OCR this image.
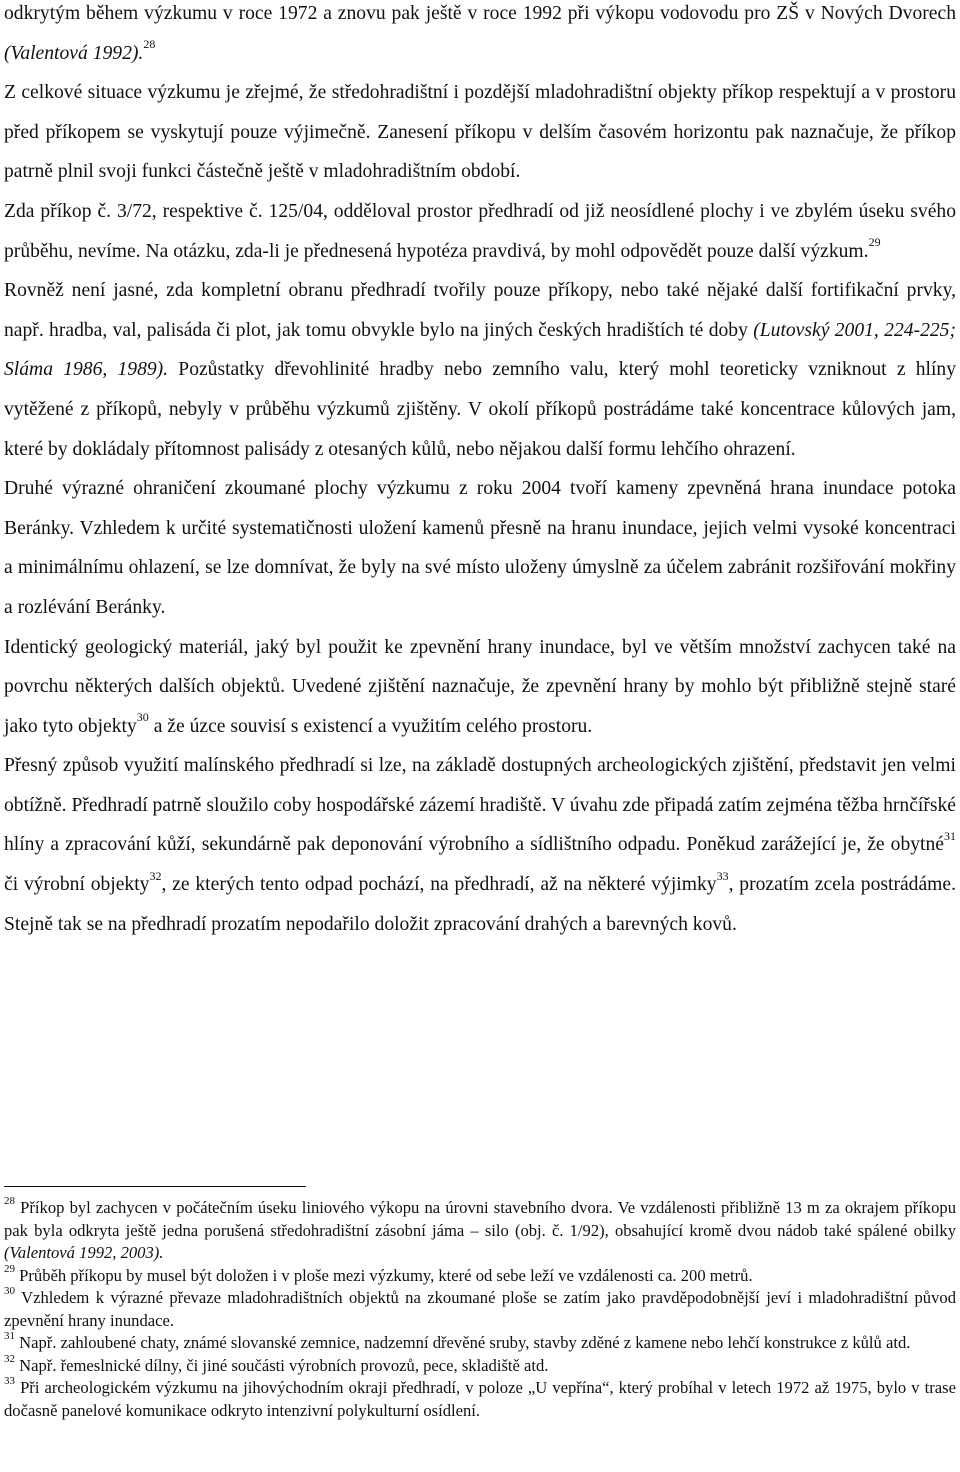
odkrytým během výzkumu v roce 1972 a znovu pak ještě v roce 1992 při výkopu vodovodu pro ZŠ v Nových Dvorech (Valentová 1992).$^{28}$

Z celkové situace výzkumu je zřejmé, že středohradištní i pozdější mladohradištní objekty příkop respektují a v prostoru před příkopem se vyskytují pouze výjimečně. Zanesení příkopu v delším časovém horizontu pak naznačuje, že příkop patrně plnil svoji funkci částečně ještě v mladohradištním období.

Zda příkop č. 3/72, respektive č. 125/04, odděloval prostor předhradí od již neosídlené plochy i ve zbylém úseku svého průběhu, nevíme. Na otázku, zda-li je přednesená hypotéza pravdivá, by mohl odpovědět pouze další výzkum.$^{29}$

Rovněž není jasné, zda kompletní obranu předhradí tvořily pouze příkopy, nebo také nějaké další fortifikační prvky, např. hradba, val, palisáda či plot, jak tomu obvykle bylo na jiných českých hradištích té doby (Lutovský 2001, 224-225; Sláma 1986, 1989). Pozůstatky dřevohlinité hradby nebo zemního valu, který mohl teoreticky vzniknout z hlíny vytěžené z příkopů, nebyly v průběhu výzkumů zjištěny. V okolí příkopů postrádáme také koncentrace kůlových jam, které by dokládaly přítomnost palisády z otesaných kůlů, nebo nějakou další formu lehčího ohrazení.

Druhé výrazné ohraničení zkoumané plochy výzkumu z roku 2004 tvoří kameny zpevněná hrana inundace potoka Beránky. Vzhledem k určité systematičnosti uložení kamenů přesně na hranu inundace, jejich velmi vysoké koncentraci a minimálnímu ohlazení, se lze domnívat, že byly na své místo uloženy úmyslně za účelem zabránit rozšiřování mokřiny a rozlévání Beránky.

Identický geologický materiál, jaký byl použit ke zpevnění hrany inundace, byl ve větším množství zachycen také na povrchu některých dalších objektů. Uvedené zjištění naznačuje, že zpevnění hrany by mohlo být přibližně stejně staré jako tyto objekty$^{30}$ a že úzce souvisí s existencí a využitím celého prostoru.

Přesný způsob využití malínského předhradí si lze, na základě dostupných archeologických zjištění, představit jen velmi obtížně. Předhradí patrně sloužilo coby hospodářské zázemí hradiště. V úvahu zde připadá zatím zejména těžba hrnčířské hlíny a zpracování kůží, sekundárně pak deponování výrobního a sídlištního odpadu. Poněkud zarážející je, že obytné$^{31}$ či výrobní objekty$^{32}$, ze kterých tento odpad pochází, na předhradí, až na některé výjimky$^{33}$, prozatím zcela postrádáme. Stejně tak se na předhradí prozatím nepodařilo doložit zpracování drahých a barevných kovů.

$^{28}$ Příkop byl zachycen v počátečním úseku liniového výkopu na úrovni stavebního dvora. Ve vzdálenosti přibližně 13 m za okrajem příkopu pak byla odkryta ještě jedna porušená středohradištní zásobní jáma – silo (obj. č. 1/92), obsahující kromě dvou nádob také spálené obilky (Valentová 1992, 2003).

$^{29}$ Průběh příkopu by musel být doložen i v ploše mezi výzkumy, které od sebe leží ve vzdálenosti ca. 200 metrů.

$^{30}$ Vzhledem k výrazné převaze mladohradištních objektů na zkoumané ploše se zatím jako pravděpodobnější jeví i mladohradištní původ zpevnění hrany inundace.

$^{31}$ Např. zahloubené chaty, známé slovanské zemnice, nadzemní dřevěné sruby, stavby zděné z kamene nebo lehčí konstrukce z kůlů atd.

$^{32}$ Např. řemeslnické dílny, či jiné součásti výrobních provozů, pece, skladiště atd.

$^{33}$ Při archeologickém výzkumu na jihovýchodním okraji předhradí, v poloze „U vepřína“, který probíhal v letech 1972 až 1975, bylo v trase dočasně panelové komunikace odkryto intenzivní polykulturní osídlení.
